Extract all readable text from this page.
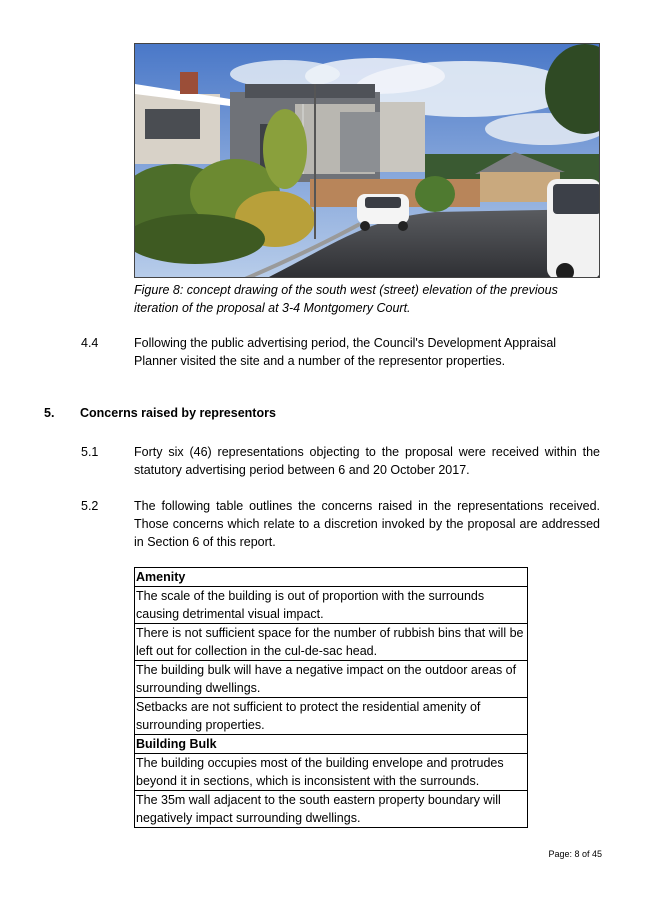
Figure 8: concept drawing of the south west (street) elevation of the previous iteration of the proposal at 3-4 Montgomery Court.
4.4	Following the public advertising period, the Council's Development Appraisal Planner visited the site and a number of the representor properties.
5. Concerns raised by representors
5.1	Forty six (46) representations objecting to the proposal were received within the statutory advertising period between 6 and 20 October 2017.
5.2	The following table outlines the concerns raised in the representations received. Those concerns which relate to a discretion invoked by the proposal are addressed in Section 6 of this report.
Amenity
The scale of the building is out of proportion with the surrounds causing detrimental visual impact.
There is not sufficient space for the number of rubbish bins that will be left out for collection in the cul-de-sac head.
The building bulk will have a negative impact on the outdoor areas of surrounding dwellings.
Setbacks are not sufficient to protect the residential amenity of surrounding properties.
Building Bulk
The building occupies most of the building envelope and protrudes beyond it in sections, which is inconsistent with the surrounds.
The 35m wall adjacent to the south eastern property boundary will negatively impact surrounding dwellings.
Page: 8 of 45
